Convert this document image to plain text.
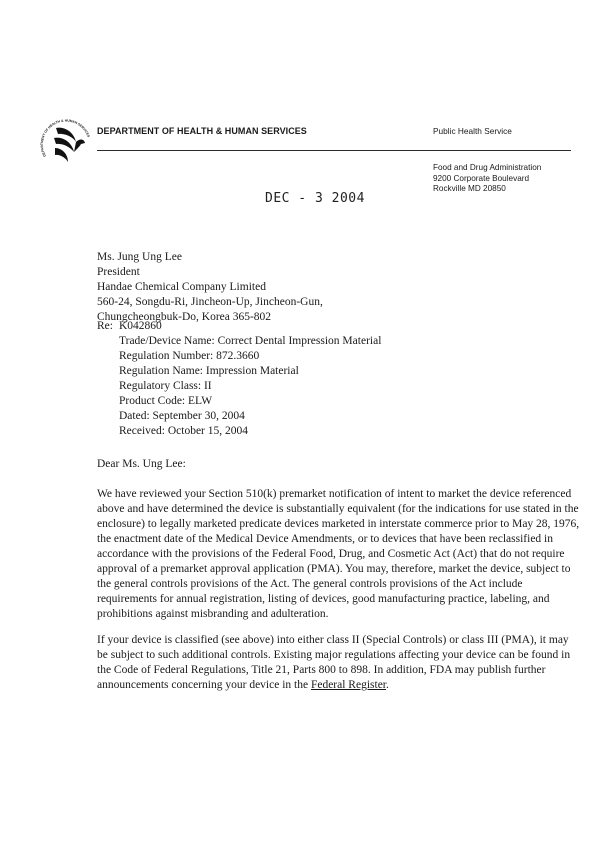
DEPARTMENT OF HEALTH & HUMAN SERVICES
DEPARTMENT OF HEALTH & HUMAN SERVICES	Public Health Service
Food and Drug Administration
9200 Corporate Boulevard
Rockville MD 20850
DEC - 3 2004
Ms. Jung Ung Lee
President
Handae Chemical Company Limited
560-24, Songdu-Ri, Jincheon-Up, Jincheon-Gun,
Chungcheongbuk-Do, Korea 365-802
Re: K042860
Trade/Device Name: Correct Dental Impression Material
Regulation Number: 872.3660
Regulation Name: Impression Material
Regulatory Class: II
Product Code: ELW
Dated: September 30, 2004
Received: October 15, 2004
Dear Ms. Ung Lee:

We have reviewed your Section 510(k) premarket notification of intent to market the device referenced above and have determined the device is substantially equivalent (for the indications for use stated in the enclosure) to legally marketed predicate devices marketed in interstate commerce prior to May 28, 1976, the enactment date of the Medical Device Amendments, or to devices that have been reclassified in accordance with the provisions of the Federal Food, Drug, and Cosmetic Act (Act) that do not require approval of a premarket approval application (PMA). You may, therefore, market the device, subject to the general controls provisions of the Act. The general controls provisions of the Act include requirements for annual registration, listing of devices, good manufacturing practice, labeling, and prohibitions against misbranding and adulteration.

If your device is classified (see above) into either class II (Special Controls) or class III (PMA), it may be subject to such additional controls. Existing major regulations affecting your device can be found in the Code of Federal Regulations, Title 21, Parts 800 to 898. In addition, FDA may publish further announcements concerning your device in the Federal Register.
